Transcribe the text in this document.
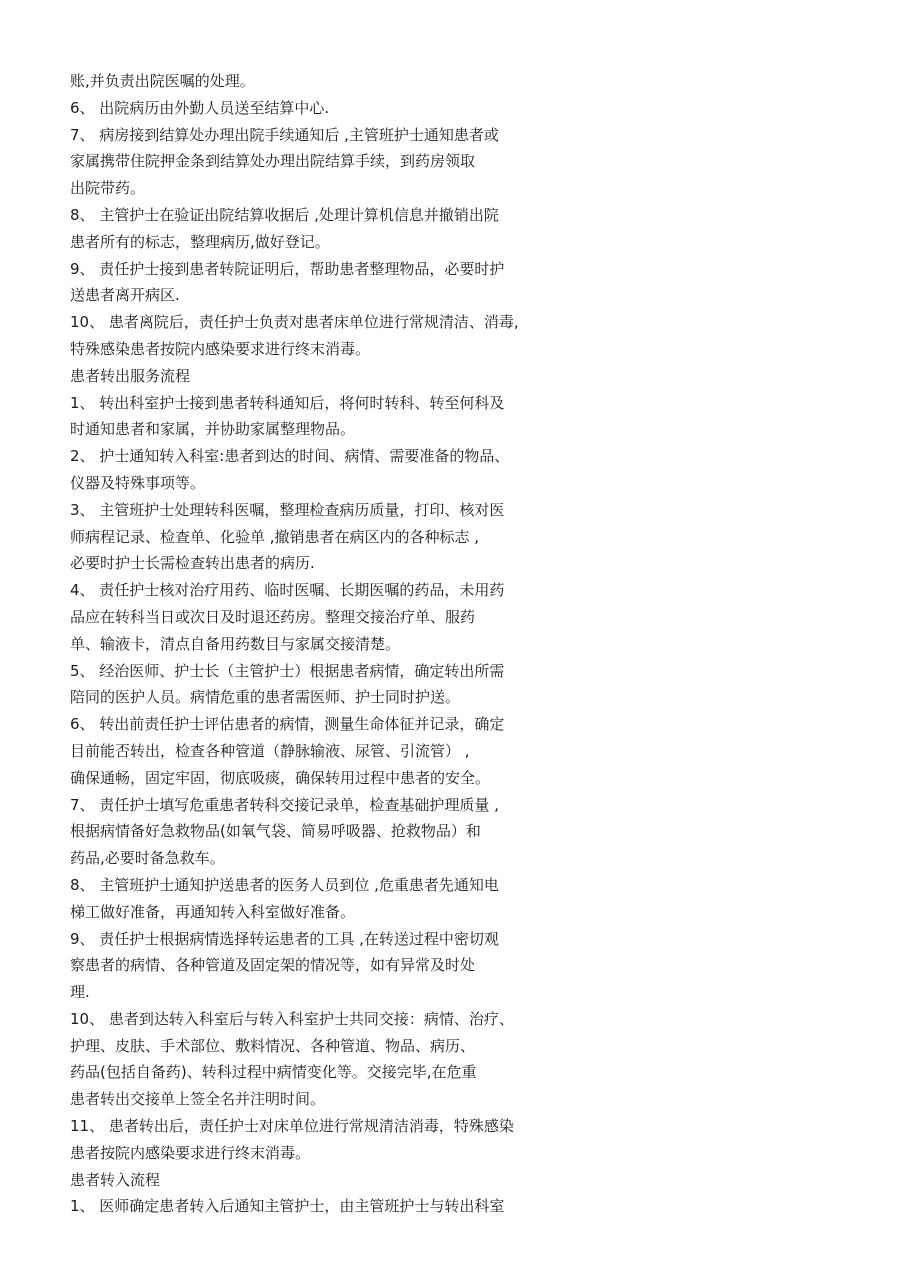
账,并负责出院医嘱的处理。
6、 出院病历由外勤人员送至结算中心.
7、 病房接到结算处办理出院手续通知后 ,主管班护士通知患者或
家属携带住院押金条到结算处办理出院结算手续，到药房领取
出院带药。
8、 主管护士在验证出院结算收据后 ,处理计算机信息并撤销出院
患者所有的标志，整理病历,做好登记。
9、 责任护士接到患者转院证明后，帮助患者整理物品，必要时护
送患者离开病区.
10、 患者离院后，责任护士负责对患者床单位进行常规清洁、消毒,
特殊感染患者按院内感染要求进行终末消毒。
患者转出服务流程
1、 转出科室护士接到患者转科通知后，将何时转科、转至何科及
时通知患者和家属，并协助家属整理物品。
2、 护士通知转入科室:患者到达的时间、病情、需要准备的物品、
仪器及特殊事项等。
3、 主管班护士处理转科医嘱，整理检查病历质量，打印、核对医
师病程记录、检查单、化验单 ,撤销患者在病区内的各种标志 ,
必要时护士长需检查转出患者的病历.
4、 责任护士核对治疗用药、临时医嘱、长期医嘱的药品，未用药
品应在转科当日或次日及时退还药房。整理交接治疗单、服药
单、输液卡，清点自备用药数目与家属交接清楚。
5、 经治医师、护士长（主管护士）根据患者病情，确定转出所需
陪同的医护人员。病情危重的患者需医师、护士同时护送。
6、 转出前责任护士评估患者的病情，测量生命体征并记录，确定
目前能否转出，检查各种管道（静脉输液、尿管、引流管） ,
确保通畅，固定牢固，彻底吸痰，确保转用过程中患者的安全。
7、 责任护士填写危重患者转科交接记录单，检查基础护理质量 ,
根据病情备好急救物品(如氧气袋、简易呼吸器、抢救物品）和
药品,必要时备急救车。
8、 主管班护士通知护送患者的医务人员到位 ,危重患者先通知电
梯工做好准备，再通知转入科室做好准备。
9、 责任护士根据病情选择转运患者的工具 ,在转送过程中密切观
察患者的病情、各种管道及固定架的情况等，如有异常及时处
理.
10、 患者到达转入科室后与转入科室护士共同交接：病情、治疗、
护理、皮肤、手术部位、敷料情况、各种管道、物品、病历、
药品(包括自备药)、转科过程中病情变化等。交接完毕,在危重
患者转出交接单上签全名并注明时间。
11、 患者转出后，责任护士对床单位进行常规清洁消毒，特殊感染
患者按院内感染要求进行终末消毒。
患者转入流程
1、 医师确定患者转入后通知主管护士，由主管班护士与转出科室
